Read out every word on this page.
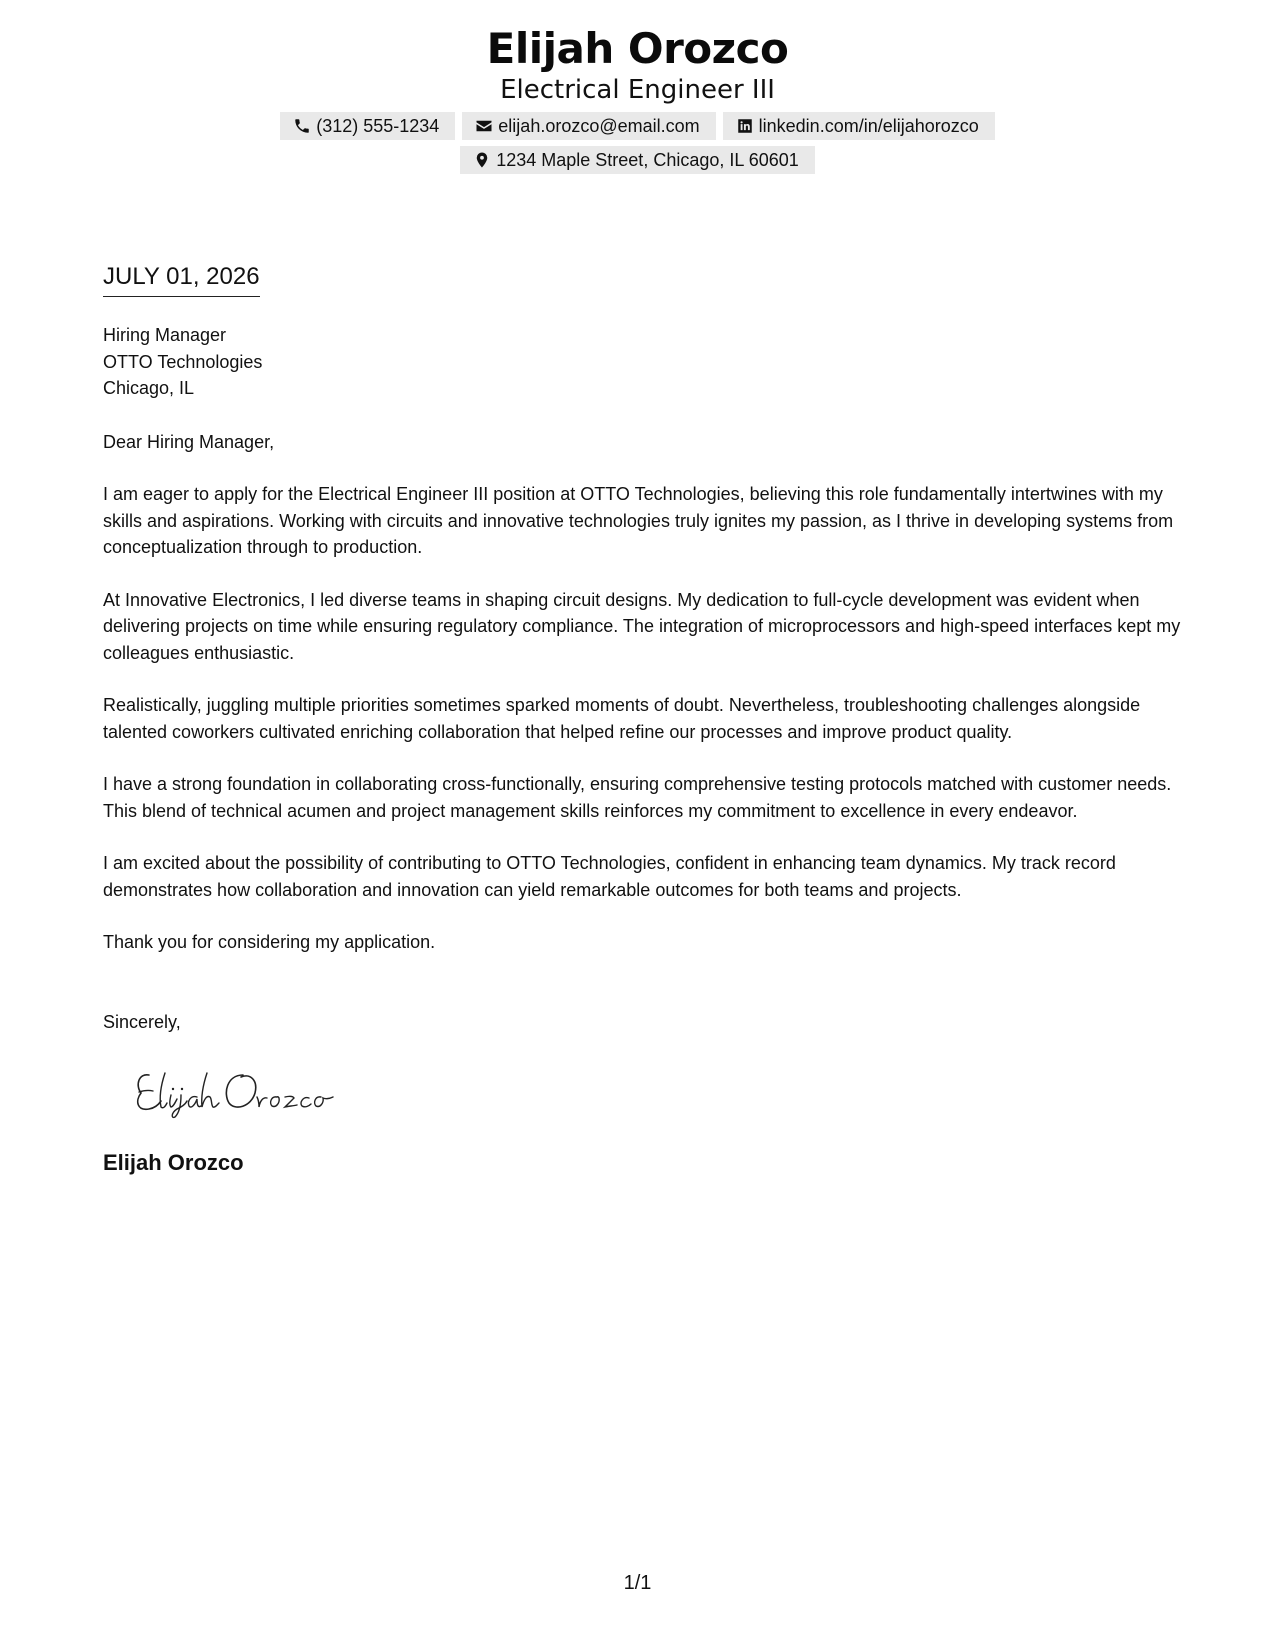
Elijah Orozco
Electrical Engineer III
(312) 555-1234	elijah.orozco@email.com	linkedin.com/in/elijahorozco
1234 Maple Street, Chicago, IL 60601
JULY 01, 2026
Hiring Manager
OTTO Technologies
Chicago, IL
Dear Hiring Manager,
I am eager to apply for the Electrical Engineer III position at OTTO Technologies, believing this role fundamentally intertwines with my skills and aspirations. Working with circuits and innovative technologies truly ignites my passion, as I thrive in developing systems from conceptualization through to production.
At Innovative Electronics, I led diverse teams in shaping circuit designs. My dedication to full-cycle development was evident when delivering projects on time while ensuring regulatory compliance. The integration of microprocessors and high-speed interfaces kept my colleagues enthusiastic.
Realistically, juggling multiple priorities sometimes sparked moments of doubt. Nevertheless, troubleshooting challenges alongside talented coworkers cultivated enriching collaboration that helped refine our processes and improve product quality.
I have a strong foundation in collaborating cross-functionally, ensuring comprehensive testing protocols matched with customer needs. This blend of technical acumen and project management skills reinforces my commitment to excellence in every endeavor.
I am excited about the possibility of contributing to OTTO Technologies, confident in enhancing team dynamics. My track record demonstrates how collaboration and innovation can yield remarkable outcomes for both teams and projects.
Thank you for considering my application.
Sincerely,
Elijah Orozco
1/1
